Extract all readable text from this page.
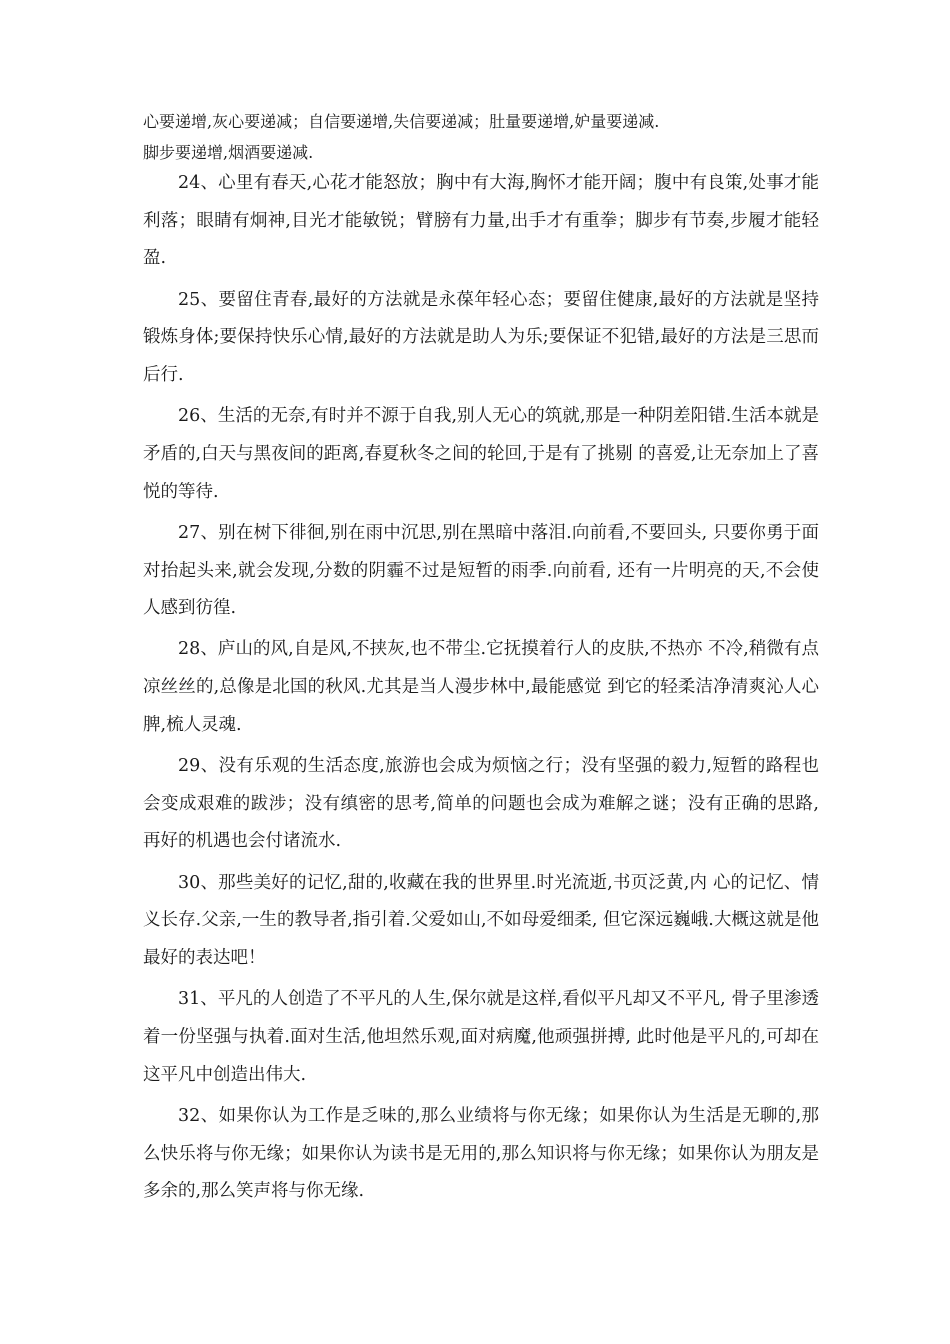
心要递增,灰心要递减；自信要递增,失信要递减；肚量要递增,妒量要递减.
脚步要递增,烟酒要递减.

24、心里有春天,心花才能怒放；胸中有大海,胸怀才能开阔；腹中有良策,处事才能利落；眼睛有炯神,目光才能敏锐；臂膀有力量,出手才有重拳；脚步有节奏,步履才能轻盈.

25、要留住青春,最好的方法就是永葆年轻心态；要留住健康,最好的方法就是坚持锻炼身体;要保持快乐心情,最好的方法就是助人为乐;要保证不犯错,最好的方法是三思而后行.

26、生活的无奈,有时并不源于自我,别人无心的筑就,那是一种阴差阳错.生活本就是矛盾的,白天与黑夜间的距离,春夏秋冬之间的轮回,于是有了挑剔 的喜爱,让无奈加上了喜悦的等待.

27、别在树下徘徊,别在雨中沉思,别在黑暗中落泪.向前看,不要回头, 只要你勇于面对抬起头来,就会发现,分数的阴霾不过是短暂的雨季.向前看, 还有一片明亮的天,不会使人感到彷徨.

28、庐山的风,自是风,不挟灰,也不带尘.它抚摸着行人的皮肤,不热亦 不冷,稍微有点凉丝丝的,总像是北国的秋风.尤其是当人漫步林中,最能感觉 到它的轻柔洁净清爽沁人心脾,梳人灵魂.

29、没有乐观的生活态度,旅游也会成为烦恼之行；没有坚强的毅力,短暂的路程也会变成艰难的跋涉；没有缜密的思考,简单的问题也会成为难解之谜；没有正确的思路,再好的机遇也会付诸流水.

30、那些美好的记忆,甜的,收藏在我的世界里.时光流逝,书页泛黄,内 心的记忆、情义长存.父亲,一生的教导者,指引着.父爱如山,不如母爱细柔, 但它深远巍峨.大概这就是他最好的表达吧！

31、平凡的人创造了不平凡的人生,保尔就是这样,看似平凡却又不平凡, 骨子里渗透着一份坚强与执着.面对生活,他坦然乐观,面对病魔,他顽强拼搏, 此时他是平凡的,可却在这平凡中创造出伟大.

32、如果你认为工作是乏味的,那么业绩将与你无缘；如果你认为生活是无聊的,那么快乐将与你无缘；如果你认为读书是无用的,那么知识将与你无缘；如果你认为朋友是多余的,那么笑声将与你无缘.
